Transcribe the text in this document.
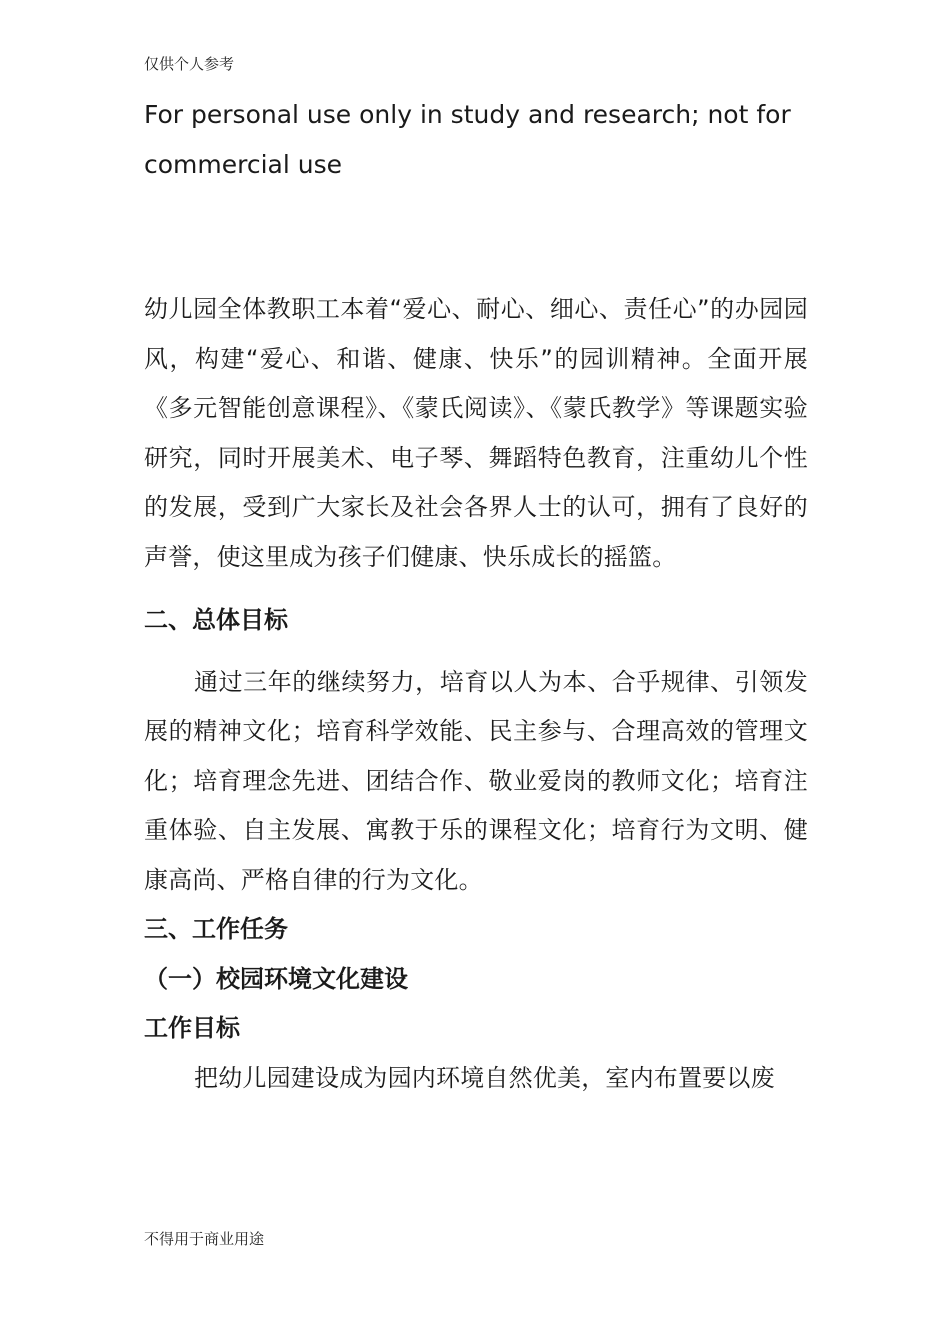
仅供个人参考
For personal use only in study and research; not for commercial use

幼儿园全体教职工本着“爱心、耐心、细心、责任心”的办园园风，构建“爱心、和谐、健康、快乐”的园训精神。全面开展《多元智能创意课程》、《蒙氏阅读》、《蒙氏教学》等课题实验研究，同时开展美术、电子琴、舞蹈特色教育，注重幼儿个性的发展，受到广大家长及社会各界人士的认可，拥有了良好的声誉，使这里成为孩子们健康、快乐成长的摇篮。

二、总体目标

通过三年的继续努力，培育以人为本、合乎规律、引领发展的精神文化；培育科学效能、民主参与、合理高效的管理文化；培育理念先进、团结合作、敬业爱岗的教师文化；培育注重体验、自主发展、寓教于乐的课程文化；培育行为文明、健康高尚、严格自律的行为文化。

三、工作任务

（一）校园环境文化建设

工作目标

把幼儿园建设成为园内环境自然优美，室内布置要以废

不得用于商业用途
